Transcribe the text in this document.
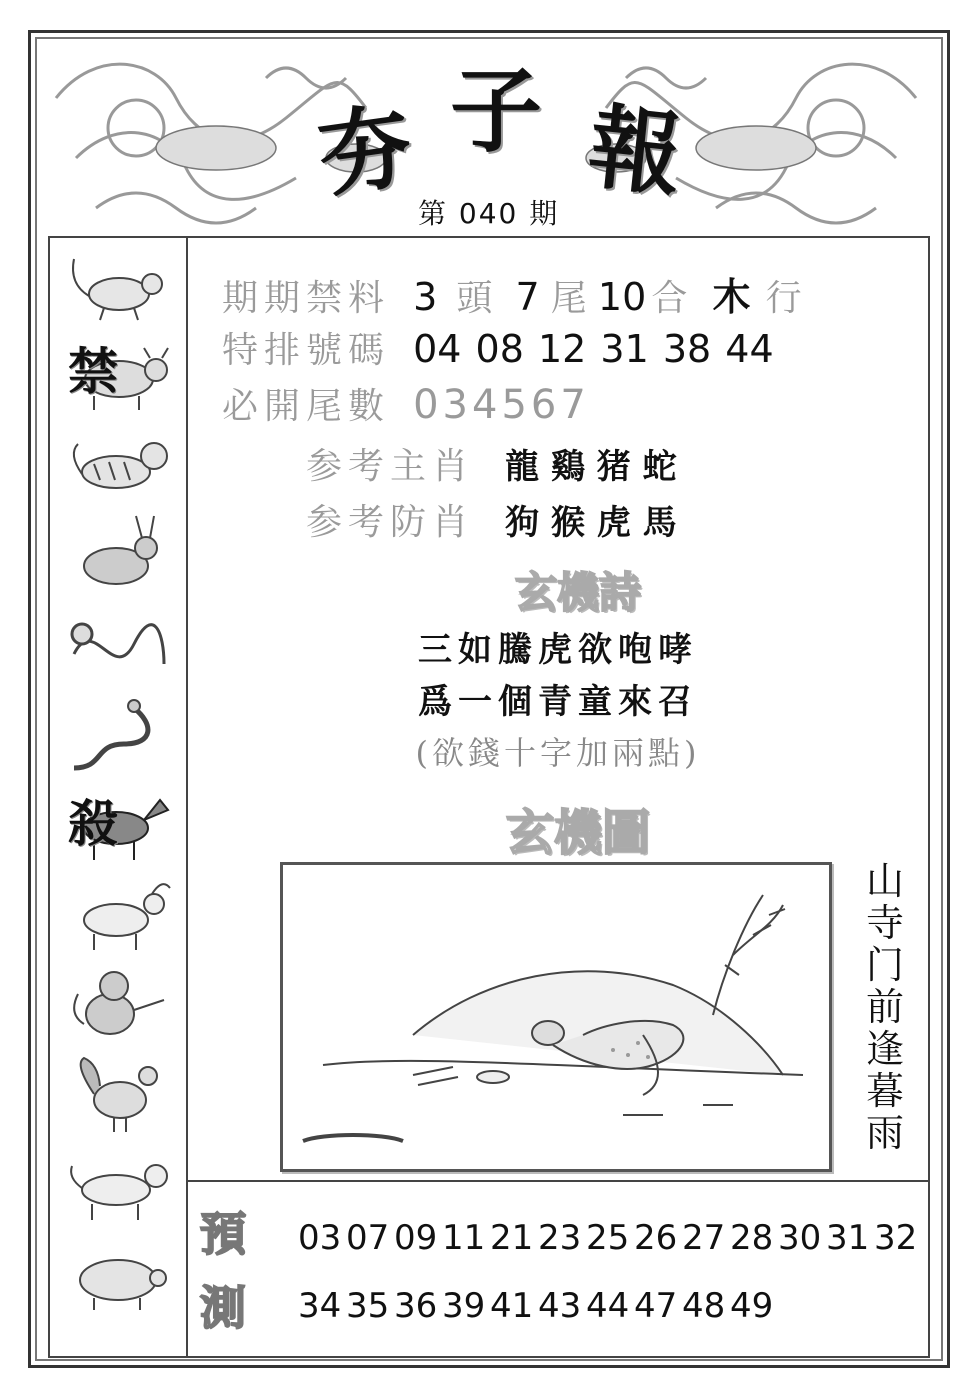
夯 子 報
第 040 期
禁
殺
期期禁料 3 頭 7 尾 10 合 木 行
特排號碼 04 08 12 31 38 44
必開尾數 034567
参考主肖 龍 鷄 猪 蛇
参考防肖 狗 猴 虎 馬
玄機詩
三如騰虎欲咆哮
爲一個青童來召
(欲錢十字加兩點)
玄機圖
山
寺
门
前
逢
暮
雨
預
測
03 07 09 11 21 23 25 26 27 28 30 31 32
34 35 36 39 41 43 44 47 48 49
